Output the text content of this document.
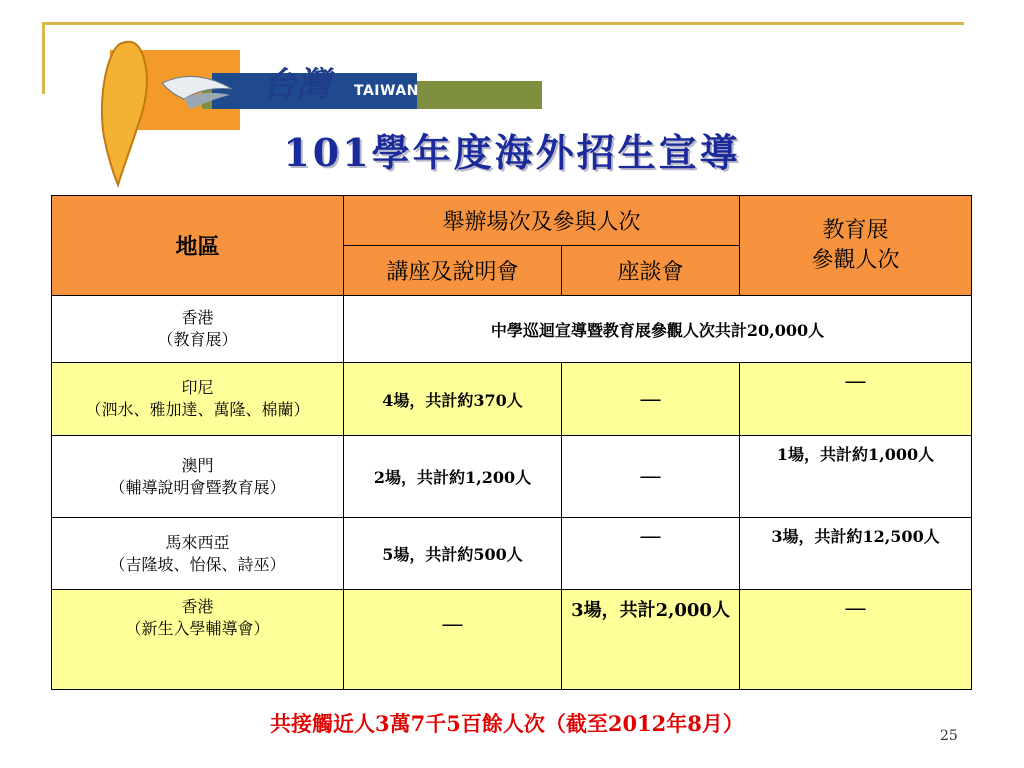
台灣 TAIWAN
海外聯合招生委員會
101學年度海外招生宣導
地區	舉辦場次及參與人次		教育展
參觀人次
	講座及說明會	座談會	

香港
（教育展）	中學巡迴宣導暨教育展參觀人次共計20,000人		

印尼
（泗水、雅加達、萬隆、棉蘭）	4場，共計約370人	—	—

澳門
（輔導說明會暨教育展）	2場，共計約1,200人	—	1場，共計約1,000人

馬來西亞
（吉隆坡、怡保、詩巫）	5場，共計約500人	—	3場，共計約12,500人

香港
（新生入學輔導會）	—	3場，共計2,000人	—
共接觸近人3萬7千5百餘人次（截至2012年8月）	25
